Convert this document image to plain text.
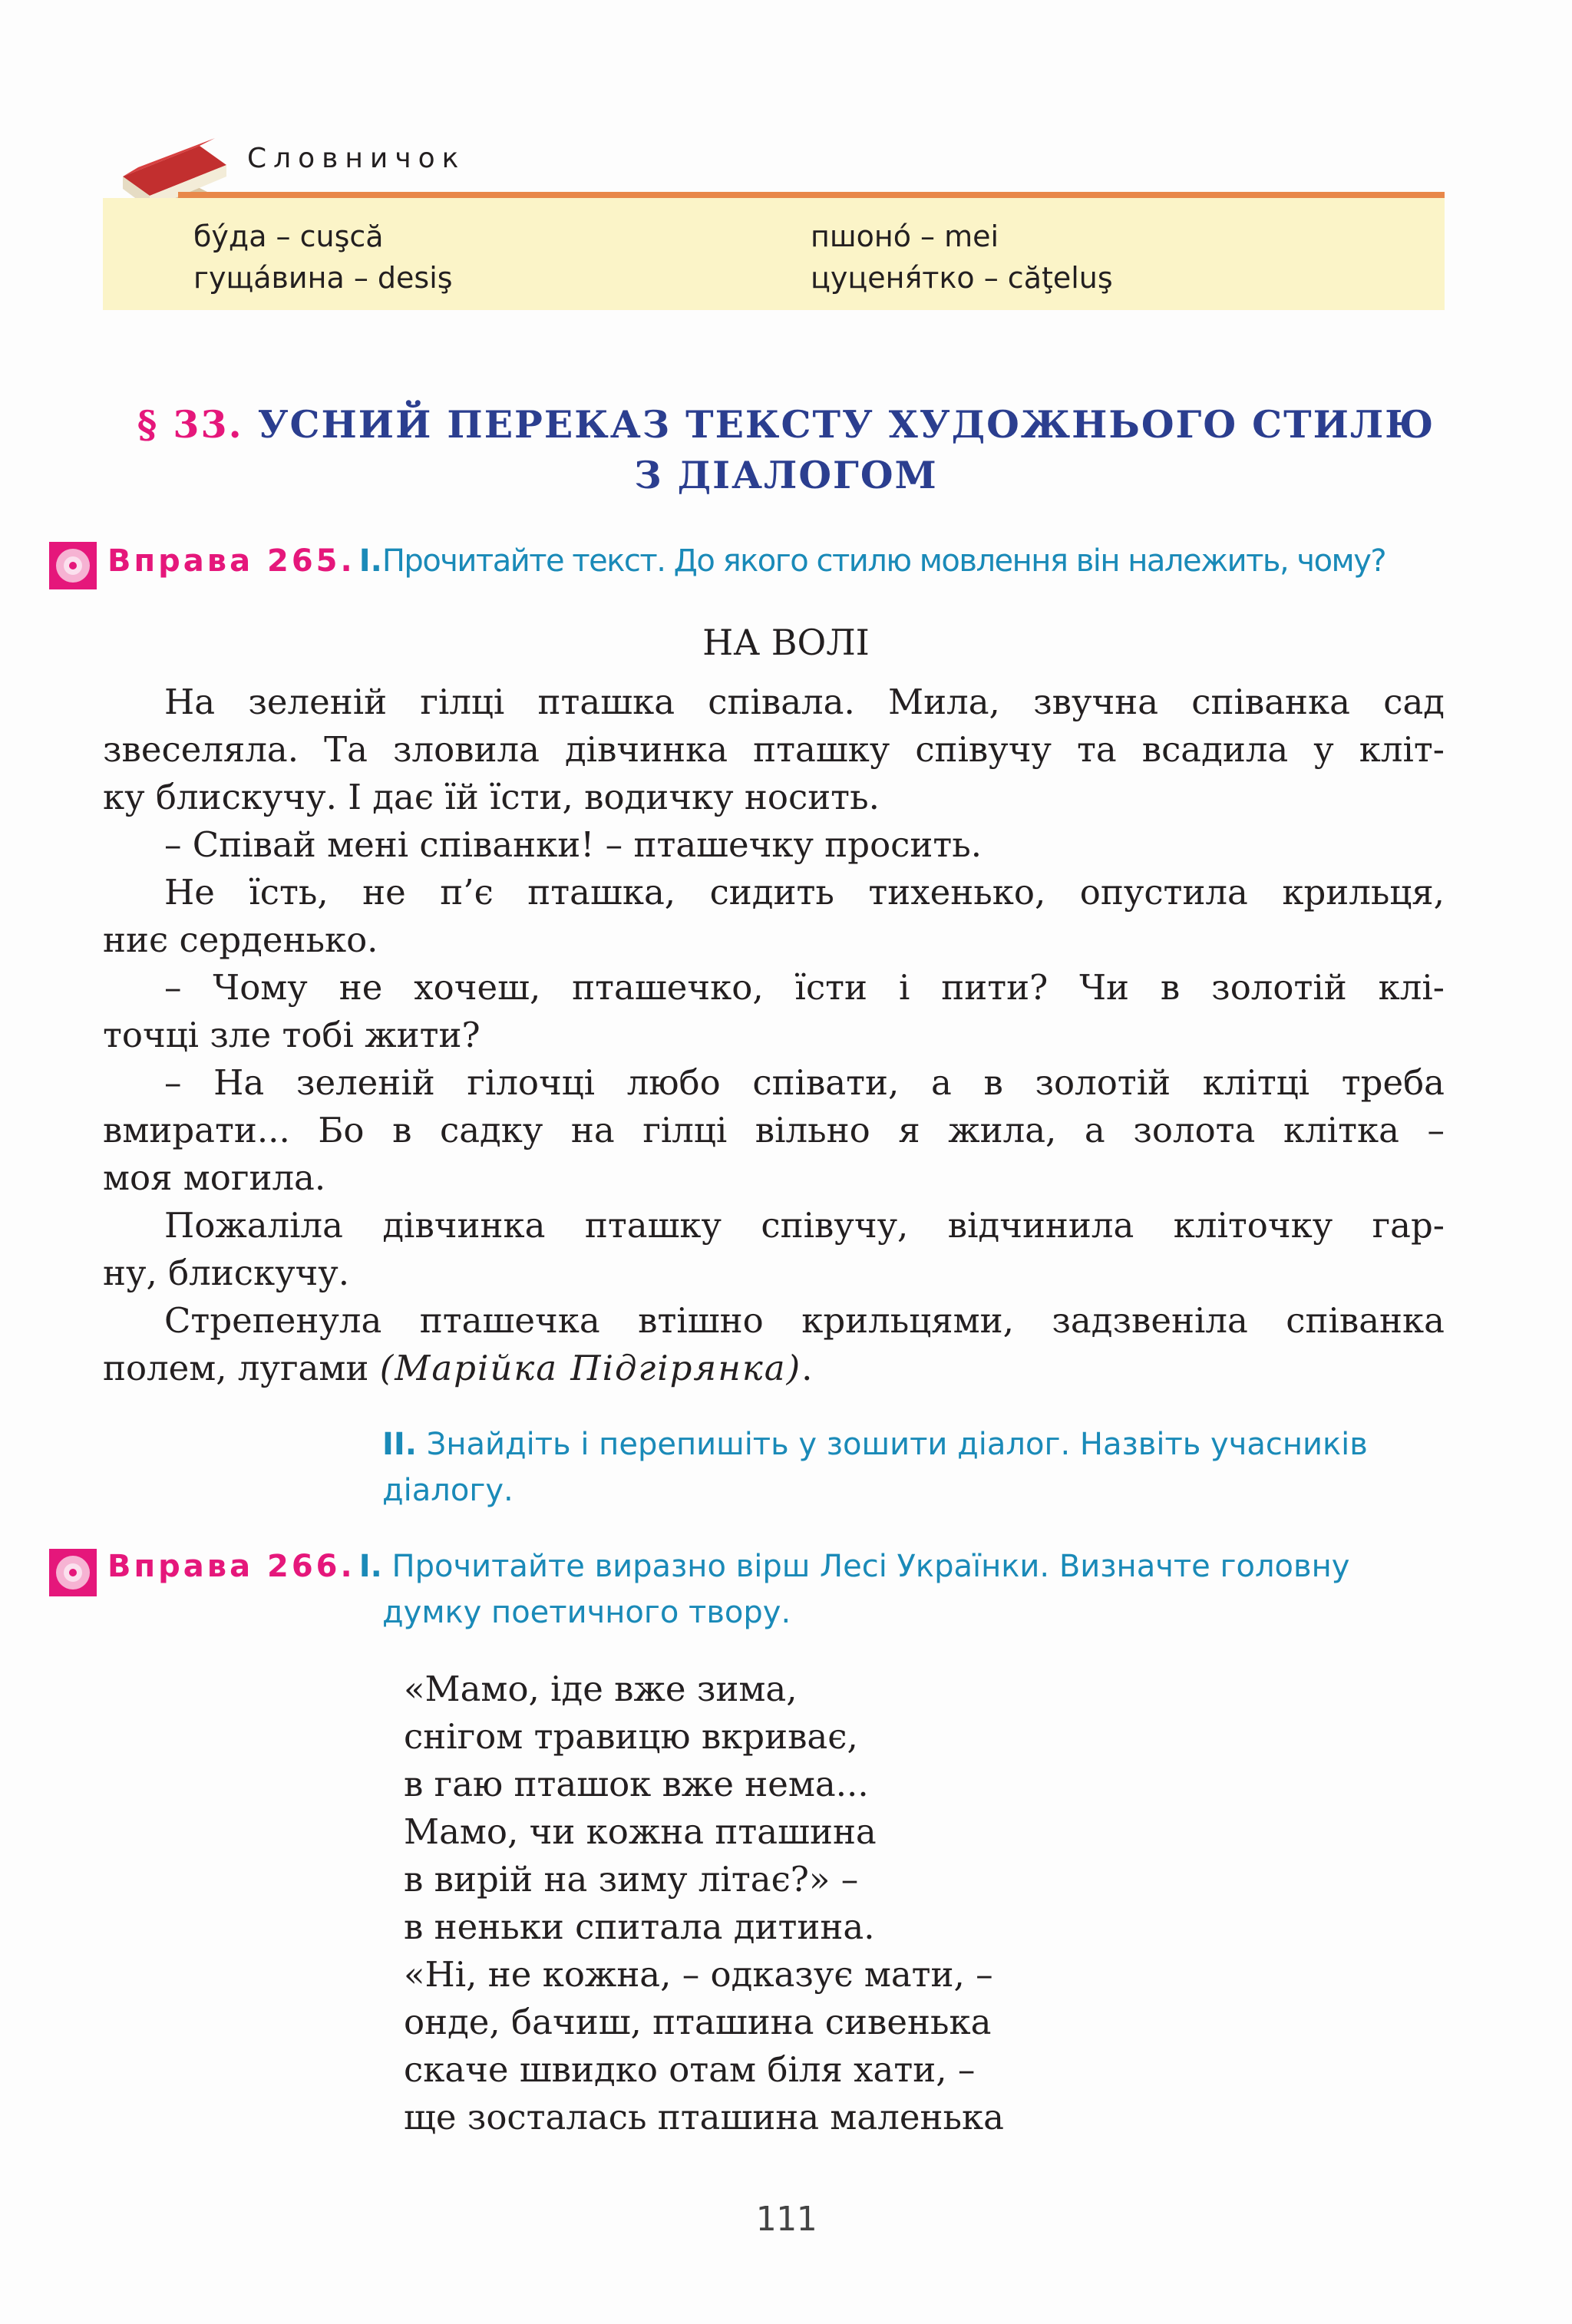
Словничок
бу́да – cuşcă
гуща́вина – desiş
пшоно́ – mei
цуценя́тко – căţeluş
§ 33. УСНИЙ ПЕРЕКАЗ ТЕКСТУ ХУДОЖНЬОГО СТИЛЮ
З ДІАЛОГОМ
Вправа 265. I.Прочитайте текст. До якого стилю мовлення він належить, чому?
НА ВОЛІ
На зеленій гілці пташка співала. Мила, звучна співанка сад
звеселяла. Та зловила дівчинка пташку співучу та всадила у кліт-
ку блискучу. І дає їй їсти, водичку носить.
– Співай мені співанки! – пташечку просить.
Не їсть, не п’є пташка, сидить тихенько, опустила крильця,
ниє серденько.
– Чому не хочеш, пташечко, їсти і пити? Чи в золотій клі-
точці зле тобі жити?
– На зеленій гілочці любо співати, а в золотій клітці треба
вмирати... Бо в садку на гілці вільно я жила, а золота клітка –
моя могила.
Пожаліла дівчинка пташку співучу, відчинила кліточку гар-
ну, блискучу.
Стрепенула пташечка втішно крильцями, задзвеніла співанка
полем, лугами (Марійка Підгірянка).
II. Знайдіть і перепишіть у зошити діалог. Назвіть учасників
діалогу.
Вправа 266. I. Прочитайте виразно вірш Лесі Українки. Визначте головну
думку поетичного твору.
«Мамо, іде вже зима,
снігом травицю вкриває,
в гаю пташок вже нема...
Мамо, чи кожна пташина
в вирій на зиму літає?» –
в неньки спитала дитина.
«Ні, не кожна, – одказує мати, –
онде, бачиш, пташина сивенька
скаче швидко отам біля хати, –
ще зосталась пташина маленька
111
